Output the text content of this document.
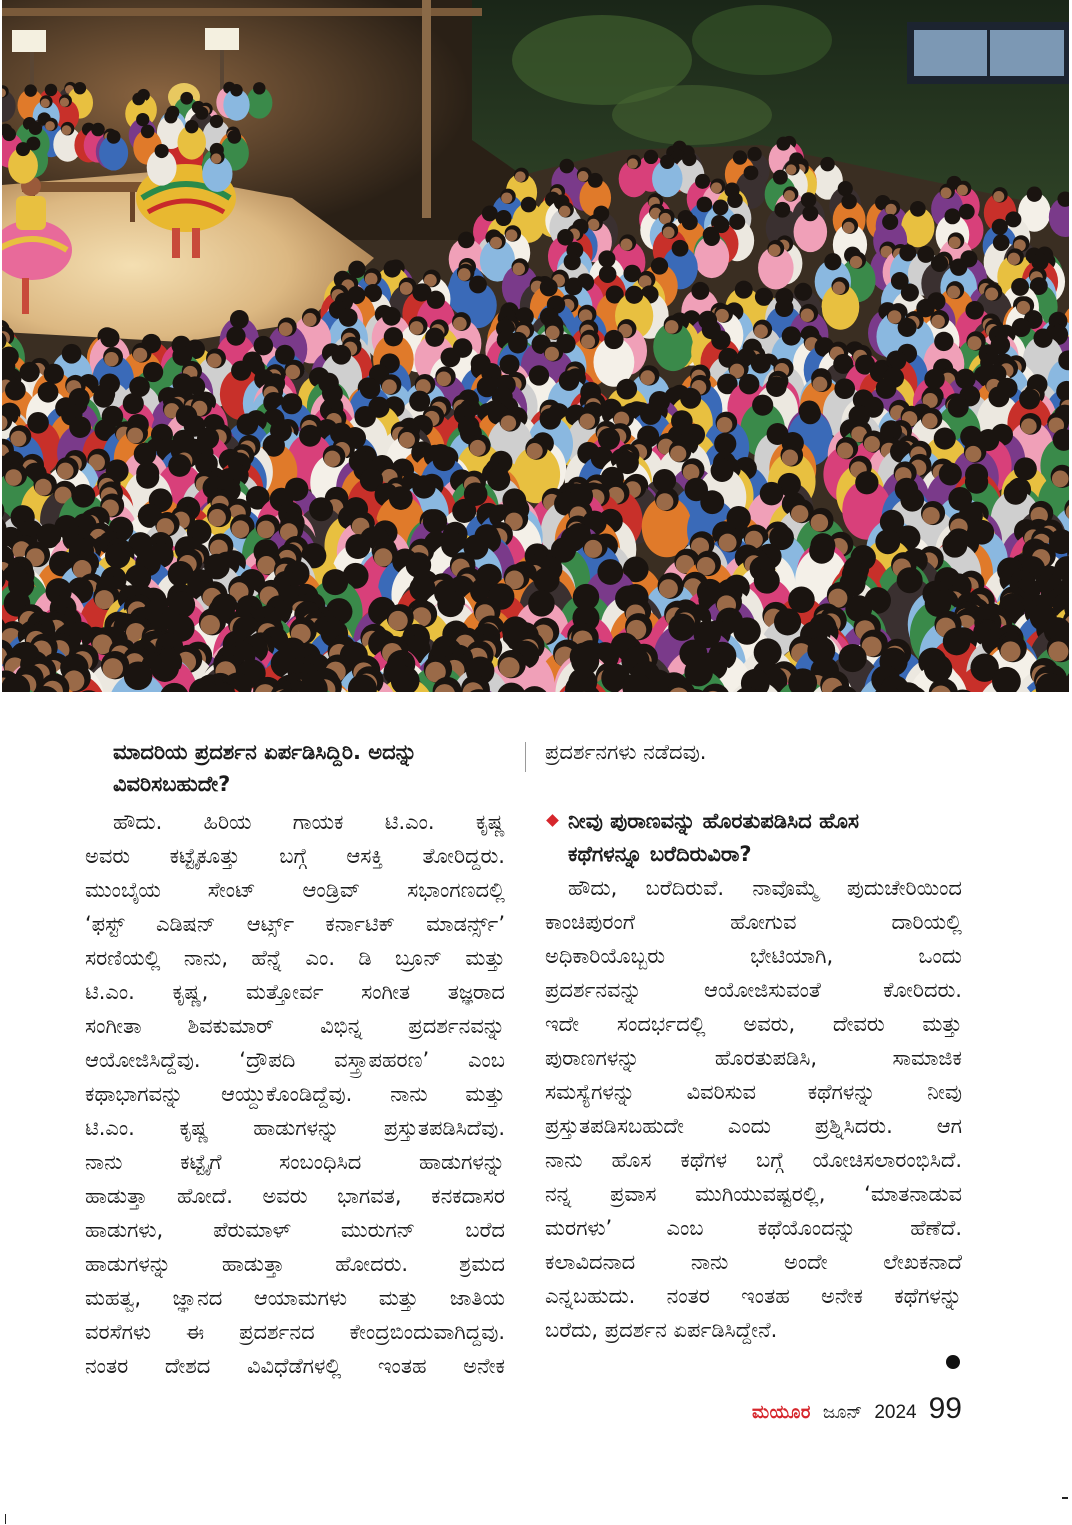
ಮಾದರಿಯ ಪ್ರದರ್ಶನ ಏರ್ಪಡಿಸಿದ್ದಿರಿ. ಅದನ್ನು
ವಿವರಿಸಬಹುದೇ?
ಹೌದು. ಹಿರಿಯ ಗಾಯಕ ಟಿ.ಎಂ. ಕೃಷ್ಣ
ಅವರು ಕಟ್ಟೈಕೂತ್ತು ಬಗ್ಗೆ ಆಸಕ್ತಿ ತೋರಿದ್ದರು.
ಮುಂಬೈಯ ಸೇಂಟ್ ಆಂಡ್ರಿವ್ ಸಭಾಂಗಣದಲ್ಲಿ
‘ಫಸ್ಟ್ ಎಡಿಷನ್ ಆರ್ಟ್ಸ್ ಕರ್ನಾಟಿಕ್ ಮಾಡರ್ನ್ಸ್’
ಸರಣಿಯಲ್ಲಿ ನಾನು, ಹೆನ್ನೆ ಎಂ. ಡಿ ಬ್ರೂನ್ ಮತ್ತು
ಟಿ.ಎಂ. ಕೃಷ್ಣ, ಮತ್ತೋರ್ವ ಸಂಗೀತ ತಜ್ಞರಾದ
ಸಂಗೀತಾ ಶಿವಕುಮಾರ್ ವಿಭಿನ್ನ ಪ್ರದರ್ಶನವನ್ನು
ಆಯೋಜಿಸಿದ್ದೆವು. ‘ದ್ರೌಪದಿ ವಸ್ತ್ರಾಪಹರಣ’ ಎಂಬ
ಕಥಾಭಾಗವನ್ನು ಆಯ್ದುಕೊಂಡಿದ್ದೆವು. ನಾನು ಮತ್ತು
ಟಿ.ಎಂ. ಕೃಷ್ಣ ಹಾಡುಗಳನ್ನು ಪ್ರಸ್ತುತಪಡಿಸಿದೆವು.
ನಾನು ಕಟ್ಟೈಗೆ ಸಂಬಂಧಿಸಿದ ಹಾಡುಗಳನ್ನು
ಹಾಡುತ್ತಾ ಹೋದೆ. ಅವರು ಭಾಗವತ, ಕನಕದಾಸರ
ಹಾಡುಗಳು, ಪೆರುಮಾಳ್ ಮುರುಗನ್ ಬರೆದ
ಹಾಡುಗಳನ್ನು ಹಾಡುತ್ತಾ ಹೋದರು. ಶ್ರಮದ
ಮಹತ್ವ, ಜ್ಞಾನದ ಆಯಾಮಗಳು ಮತ್ತು ಜಾತಿಯ
ವರಸೆಗಳು ಈ ಪ್ರದರ್ಶನದ ಕೇಂದ್ರಬಿಂದುವಾಗಿದ್ದವು.
ನಂತರ ದೇಶದ ವಿವಿಧೆಡೆಗಳಲ್ಲಿ ಇಂತಹ ಅನೇಕ
ಪ್ರದರ್ಶನಗಳು ನಡೆದವು.
ನೀವು ಪುರಾಣವನ್ನು ಹೊರತುಪಡಿಸಿದ ಹೊಸ
ಕಥೆಗಳನ್ನೂ ಬರೆದಿರುವಿರಾ?
ಹೌದು, ಬರೆದಿರುವೆ. ನಾವೊಮ್ಮೆ ಪುದುಚೇರಿಯಿಂದ
ಕಾಂಚಿಪುರಂಗೆ ಹೋಗುವ ದಾರಿಯಲ್ಲಿ
ಅಧಿಕಾರಿಯೊಬ್ಬರು ಭೇಟಿಯಾಗಿ, ಒಂದು
ಪ್ರದರ್ಶನವನ್ನು ಆಯೋಜಿಸುವಂತೆ ಕೋರಿದರು.
ಇದೇ ಸಂದರ್ಭದಲ್ಲಿ ಅವರು, ದೇವರು ಮತ್ತು
ಪುರಾಣಗಳನ್ನು ಹೊರತುಪಡಿಸಿ, ಸಾಮಾಜಿಕ
ಸಮಸ್ಯೆಗಳನ್ನು ವಿವರಿಸುವ ಕಥೆಗಳನ್ನು ನೀವು
ಪ್ರಸ್ತುತಪಡಿಸಬಹುದೇ ಎಂದು ಪ್ರಶ್ನಿಸಿದರು. ಆಗ
ನಾನು ಹೊಸ ಕಥೆಗಳ ಬಗ್ಗೆ ಯೋಚಿಸಲಾರಂಭಿಸಿದೆ.
ನನ್ನ ಪ್ರವಾಸ ಮುಗಿಯುವಷ್ಟರಲ್ಲಿ, ‘ಮಾತನಾಡುವ
ಮರಗಳು’ ಎಂಬ ಕಥೆಯೊಂದನ್ನು ಹೆಣೆದೆ.
ಕಲಾವಿದನಾದ ನಾನು ಅಂದೇ ಲೇಖಕನಾದೆ
ಎನ್ನಬಹುದು. ನಂತರ ಇಂತಹ ಅನೇಕ ಕಥೆಗಳನ್ನು
ಬರೆದು, ಪ್ರದರ್ಶನ ಏರ್ಪಡಿಸಿದ್ದೇನೆ.
ಮಯೂರ ಜೂನ್ 2024 99
